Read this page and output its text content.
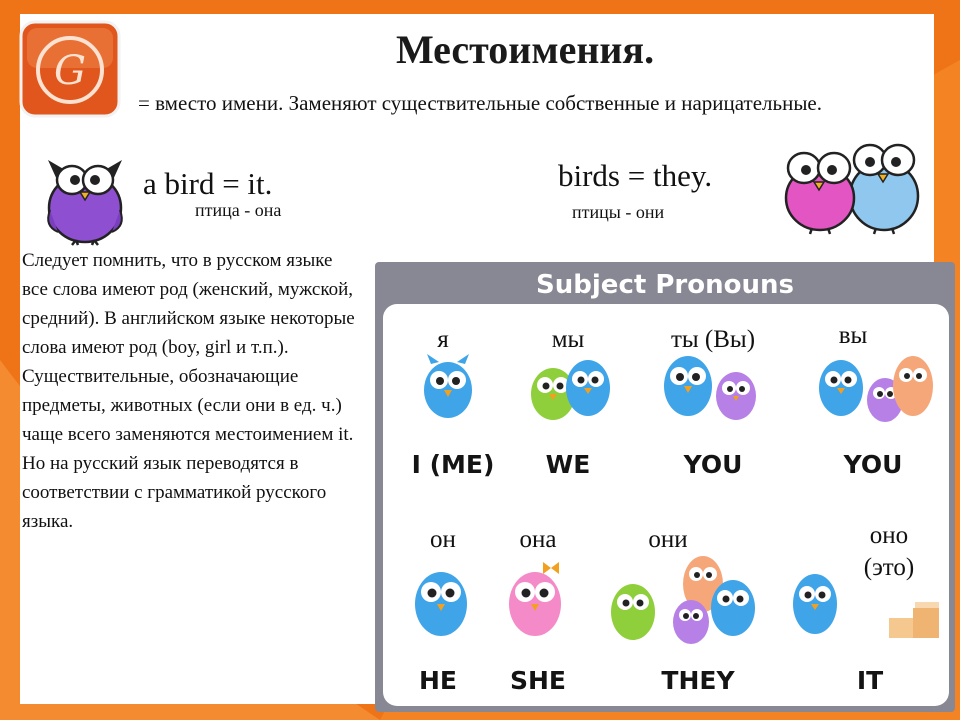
G	Местоимения.
= вместо имени. Заменяют существительные собственные и нарицательные.
a bird = it.
птица - она
birds = they.
птицы - они
Следует помнить, что в русском языке все слова имеют род (женский, мужской, средний). В английском языке некоторые слова имеют род (boy, girl и т.п.). Существительные, обозначающие предметы, животных (если они в ед. ч.) чаще всего заменяются местоимением it. Но на русский язык переводятся в соответствии с грамматикой русского языка.
Subject Pronouns
я	мы	ты (Вы)	вы
I (ME)	WE	YOU	YOU
он	она	они	оно (это)
HE	SHE	THEY	IT
